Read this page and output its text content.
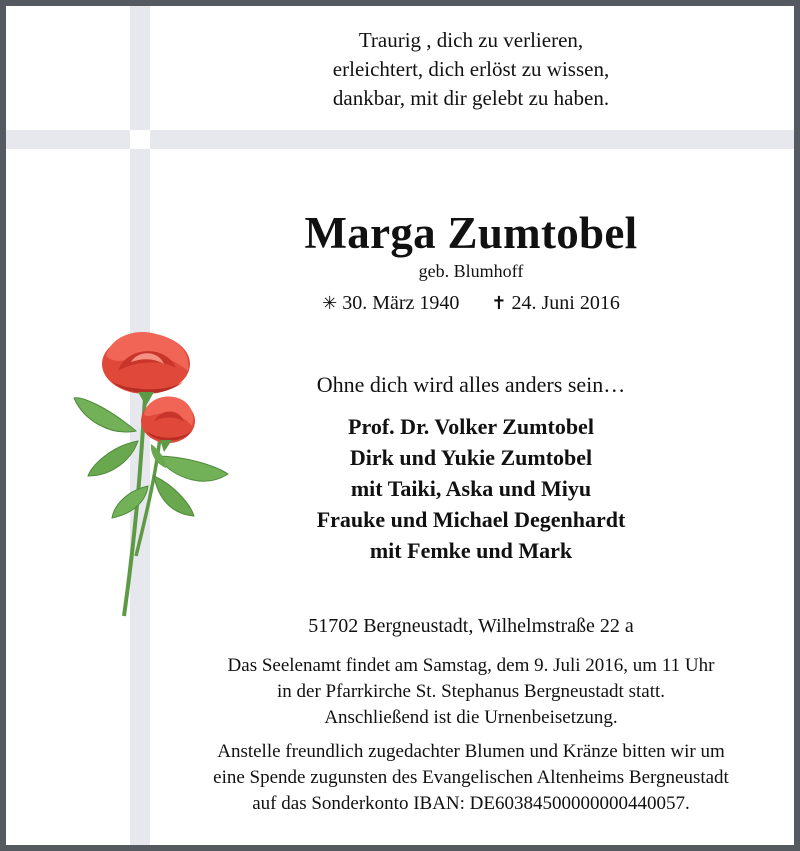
Traurig , dich zu verlieren,
erleichtert, dich erlöst zu wissen,
dankbar, mit dir gelebt zu haben.
Marga Zumtobel
geb. Blumhoff
✳ 30. März 1940 ✝ 24. Juni 2016
Ohne dich wird alles anders sein…
Prof. Dr. Volker Zumtobel
Dirk und Yukie Zumtobel
mit Taiki, Aska und Miyu
Frauke und Michael Degenhardt
mit Femke und Mark
51702 Bergneustadt, Wilhelmstraße 22 a
Das Seelenamt findet am Samstag, dem 9. Juli 2016, um 11 Uhr
in der Pfarrkirche St. Stephanus Bergneustadt statt.
Anschließend ist die Urnenbeisetzung.
Anstelle freundlich zugedachter Blumen und Kränze bitten wir um
eine Spende zugunsten des Evangelischen Altenheims Bergneustadt
auf das Sonderkonto IBAN: DE60384500000000440057.
